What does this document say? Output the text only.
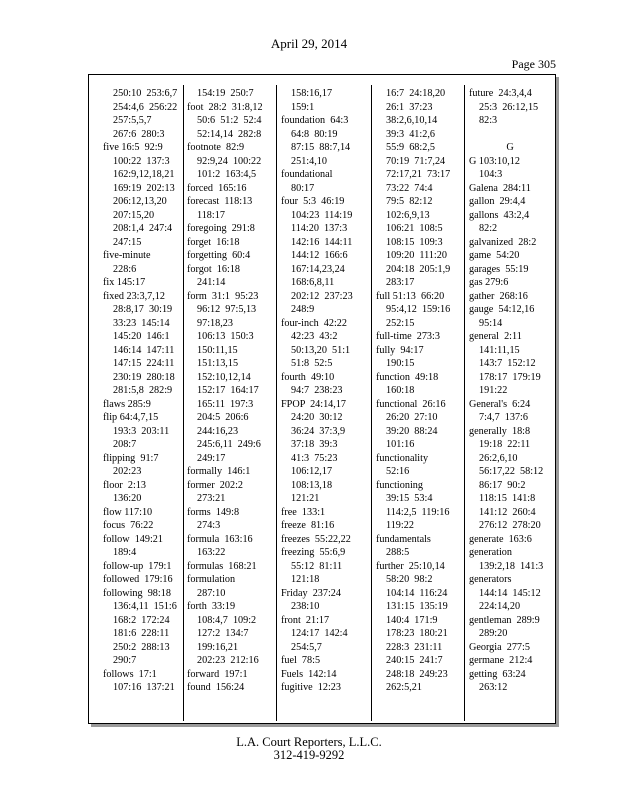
April 29, 2014
Page 305
250:10  253:6,7
254:4,6  256:22
257:5,5,7
267:6  280:3
five 16:5  92:9
100:22  137:3
162:9,12,18,21
169:19  202:13
206:12,13,20
207:15,20
208:1,4  247:4
247:15
five-minute
228:6
fix 145:17
fixed 23:3,7,12
28:8,17  30:19
33:23  145:14
145:20  146:1
146:14  147:11
147:15  224:11
230:19  280:18
281:5,8  282:9
flaws 285:9
flip 64:4,7,15
193:3  203:11
208:7
flipping  91:7
202:23
floor  2:13
136:20
flow 117:10
focus  76:22
follow  149:21
189:4
follow-up  179:1
followed  179:16
following  98:18
136:4,11  151:6
168:2  172:24
181:6  228:11
250:2  288:13
290:7
follows  17:1
107:16  137:21
154:19  250:7
foot  28:2  31:8,12
50:6  51:2  52:4
52:14,14  282:8
footnote  82:9
92:9,24  100:22
101:2  163:4,5
forced  165:16
forecast  118:13
118:17
foregoing  291:8
forget  16:18
forgetting  60:4
forgot  16:18
241:14
form  31:1  95:23
96:12  97:5,13
97:18,23
106:13  150:3
150:11,15
151:13,15
152:10,12,14
152:17  164:17
165:11  197:3
204:5  206:6
244:16,23
245:6,11  249:6
249:17
formally  146:1
former  202:2
273:21
forms  149:8
274:3
formula  163:16
163:22
formulas  168:21
formulation
287:10
forth  33:19
108:4,7  109:2
127:2  134:7
199:16,21
202:23  212:16
forward  197:1
found  156:24
158:16,17
159:1
foundation  64:3
64:8  80:19
87:15  88:7,14
251:4,10
foundational
80:17
four  5:3  46:19
104:23  114:19
114:20  137:3
142:16  144:11
144:12  166:6
167:14,23,24
168:6,8,11
202:12  237:23
248:9
four-inch  42:22
42:23  43:2
50:13,20  51:1
51:8  52:5
fourth  49:10
94:7  238:23
FPOP  24:14,17
24:20  30:12
36:24  37:3,9
37:18  39:3
41:3  75:23
106:12,17
108:13,18
121:21
free  133:1
freeze  81:16
freezes  55:22,22
freezing  55:6,9
55:12  81:11
121:18
Friday  237:24
238:10
front  21:17
124:17  142:4
254:5,7
fuel  78:5
Fuels  142:14
fugitive  12:23
16:7  24:18,20
26:1  37:23
38:2,6,10,14
39:3  41:2,6
55:9  68:2,5
70:19  71:7,24
72:17,21  73:17
73:22  74:4
79:5  82:12
102:6,9,13
106:21  108:5
108:15  109:3
109:20  111:20
204:18  205:1,9
283:17
full 51:13  66:20
95:4,12  159:16
252:15
full-time  273:3
fully  94:17
190:15
function  49:18
160:18
functional  26:16
26:20  27:10
39:20  88:24
101:16
functionality
52:16
functioning
39:15  53:4
114:2,5  119:16
119:22
fundamentals
288:5
further  25:10,14
58:20  98:2
104:14  116:24
131:15  135:19
140:4  171:9
178:23  180:21
228:3  231:11
240:15  241:7
248:18  249:23
262:5,21
future  24:3,4,4
25:3  26:12,15
82:3

G
G 103:10,12
104:3
Galena  284:11
gallon  29:4,4
gallons  43:2,4
82:2
galvanized  28:2
game  54:20
garages  55:19
gas 279:6
gather  268:16
gauge  54:12,16
95:14
general  2:11
141:11,15
143:7  152:12
178:17  179:19
191:22
General's  6:24
7:4,7  137:6
generally  18:8
19:18  22:11
26:2,6,10
56:17,22  58:12
86:17  90:2
118:15  141:8
141:12  260:4
276:12  278:20
generate  163:6
generation
139:2,18  141:3
generators
144:14  145:12
224:14,20
gentleman  289:9
289:20
Georgia  277:5
germane  212:4
getting  63:24
263:12
L.A. Court Reporters, L.L.C.
312-419-9292
